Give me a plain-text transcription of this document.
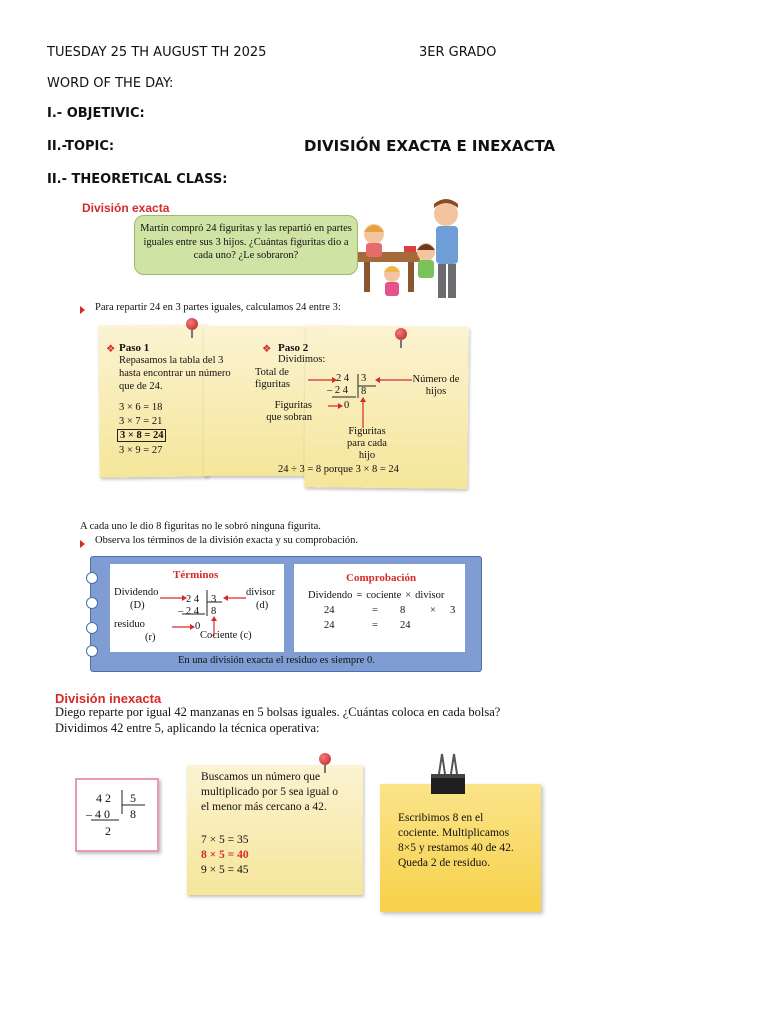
TUESDAY 25 TH AUGUST TH 2025	3ER GRADO
WORD OF THE DAY:
I.- OBJETIVIC:
II.-TOPIC:	DIVISIÓN EXACTA E INEXACTA
II.- THEORETICAL CLASS:
División exacta
Martín compró 24 figuritas y las repartió en partes iguales entre sus 3 hijos. ¿Cuántas figuritas dio a cada uno? ¿Le sobraron?
Para repartir 24 en 3 partes iguales, calculamos 24 entre 3:
❖ Paso 1
Repasamos la tabla del 3 hasta encontrar un número que de 24.
3 × 6 = 18
3 × 7 = 21
3 × 8 = 24
3 × 9 = 27
❖ Paso 2
Dividimos:
Total de figuritas
Figuritas que sobran
Número de hijos
Figuritas para cada hijo
2 4 3
– 2 4 8
0
24 ÷ 3 = 8 porque 3 × 8 = 24
A cada uno le dio 8 figuritas no le sobró ninguna figurita.
Observa los términos de la división exacta y su comprobación.
Términos
Dividendo
(D)
divisor
(d)
residuo
(r)	Cociente (c)
2 4 3
– 2 4 8
0
Comprobación
Dividendo = cociente × divisor
24	=	8	×	3
24	=	24
En una división exacta el residuo es siempre 0.
División inexacta
Diego reparte por igual 42 manzanas en 5 bolsas iguales. ¿Cuántas coloca en cada bolsa?
Dividimos 42 entre 5, aplicando la técnica operativa:
4 2 5
– 4 0 8
2
Buscamos un número que multiplicado por 5 sea igual o el menor más cercano a 42.
7 × 5 = 35
8 × 5 = 40
9 × 5 = 45
Escribimos 8 en el cociente. Multiplicamos 8×5 y restamos 40 de 42. Queda 2 de residuo.
